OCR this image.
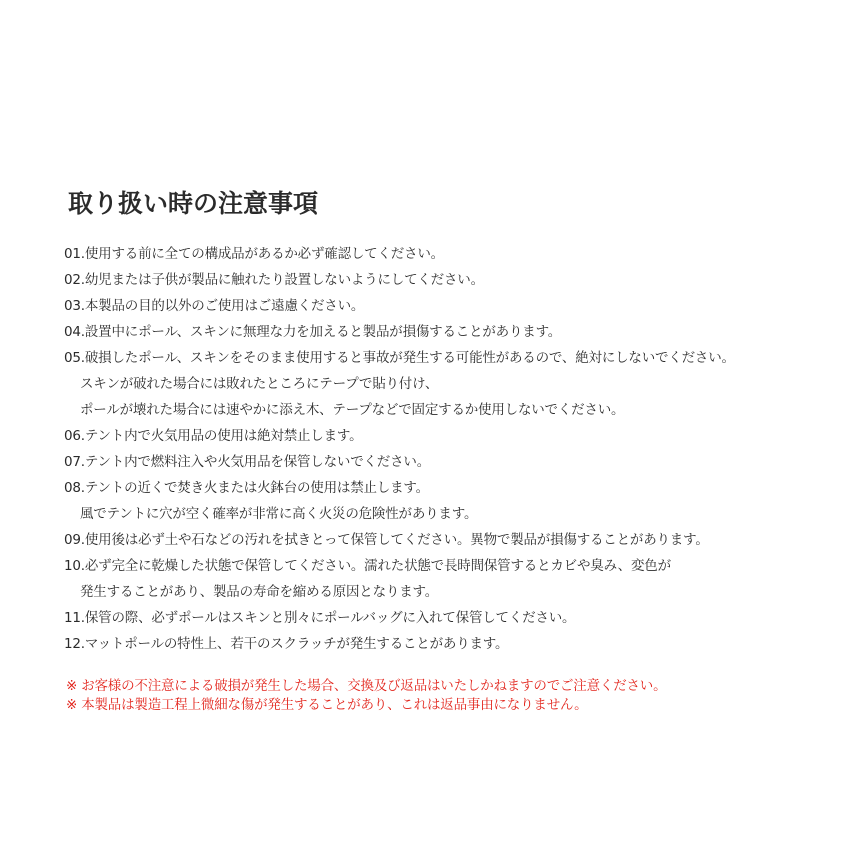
取り扱い時の注意事項
01.使用する前に全ての構成品があるか必ず確認してください。
02.幼児または子供が製品に触れたり設置しないようにしてください。
03.本製品の目的以外のご使用はご遠慮ください。
04.設置中にポール、スキンに無理な力を加えると製品が損傷することがあります。
05.破損したポール、スキンをそのまま使用すると事故が発生する可能性があるので、絶対にしないでください。
スキンが破れた場合には敗れたところにテープで貼り付け、
ポールが壊れた場合には速やかに添え木、テープなどで固定するか使用しないでください。
06.テント内で火気用品の使用は絶対禁止します。
07.テント内で燃料注入や火気用品を保管しないでください。
08.テントの近くで焚き火または火鉢台の使用は禁止します。
風でテントに穴が空く確率が非常に高く火災の危険性があります。
09.使用後は必ず土や石などの汚れを拭きとって保管してください。異物で製品が損傷することがあります。
10.必ず完全に乾燥した状態で保管してください。濡れた状態で長時間保管するとカビや臭み、変色が
発生することがあり、製品の寿命を縮める原因となります。
11.保管の際、必ずポールはスキンと別々にポールバッグに入れて保管してください。
12.マットポールの特性上、若干のスクラッチが発生することがあります。
※ お客様の不注意による破損が発生した場合、交換及び返品はいたしかねますのでご注意ください。
※ 本製品は製造工程上微細な傷が発生することがあり、これは返品事由になりません。
